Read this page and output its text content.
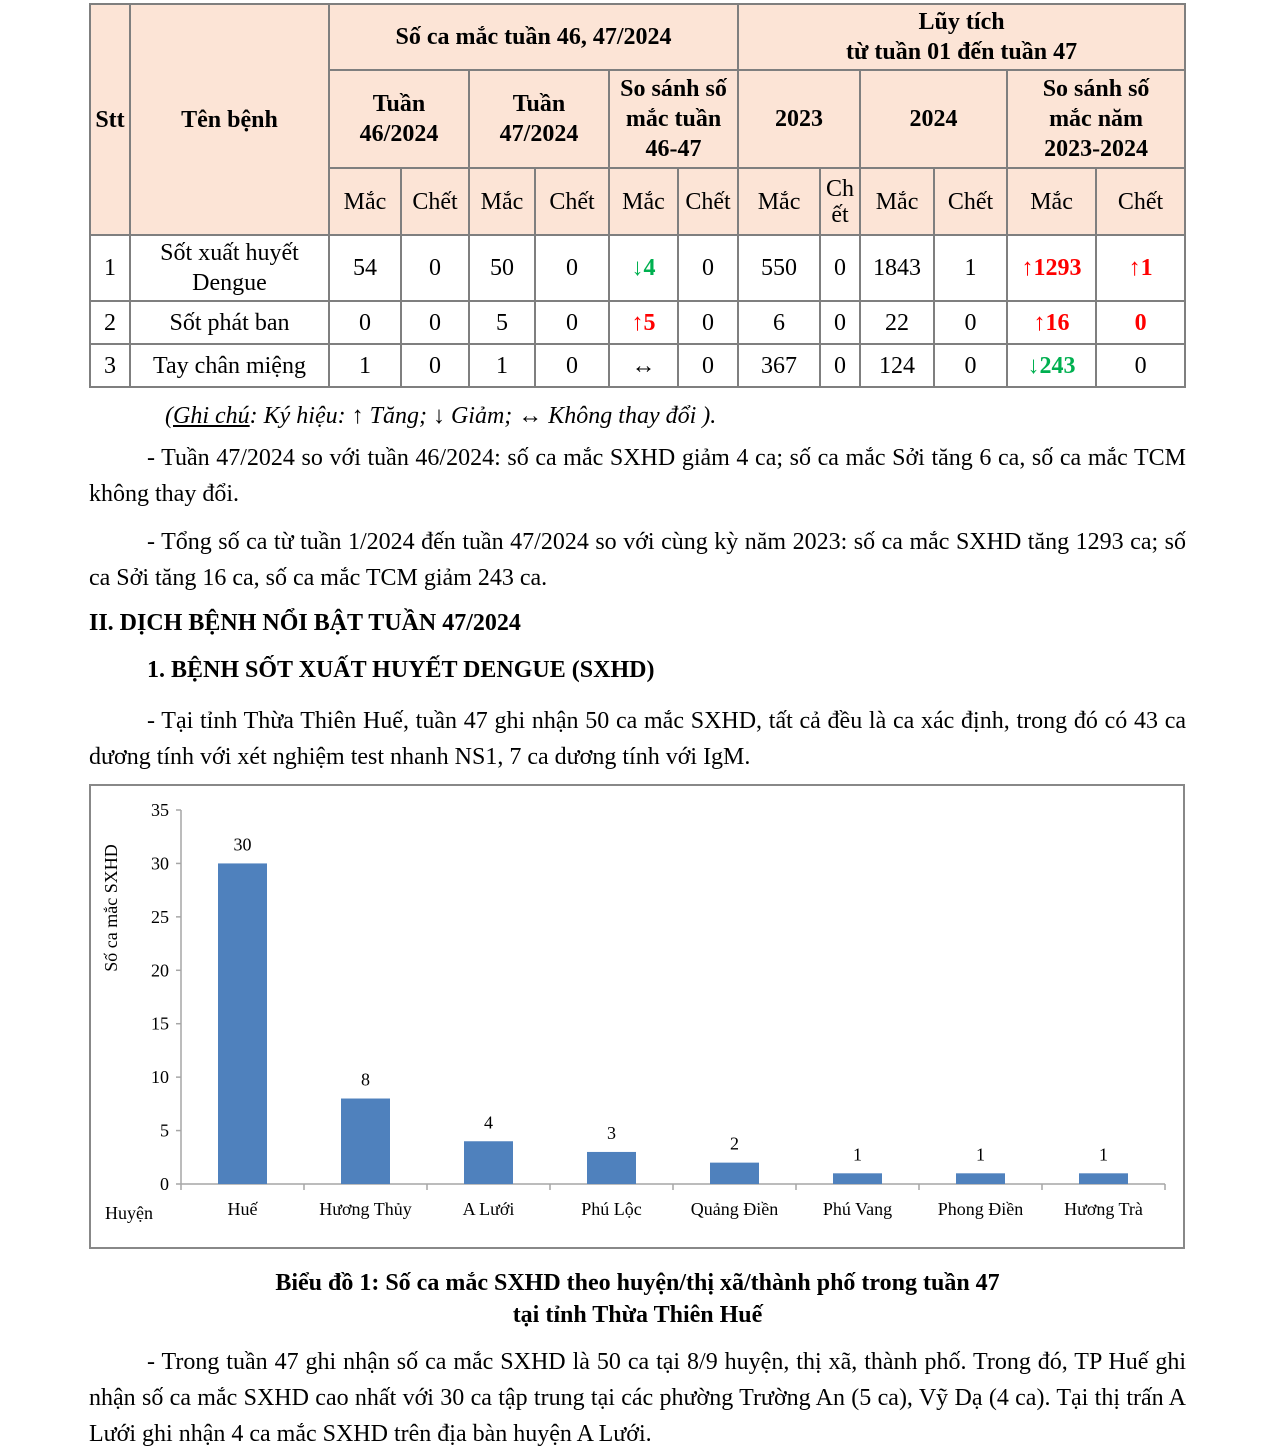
Stt	Tên bệnh	Số ca mắc tuần 46, 47/2024						Lũy tích
từ tuần 01 đến tuần 47					

		Tuần 46/2024		Tuần 47/2024		So sánh số mắc tuần 46-47		2023		2024		So sánh số mắc năm 2023-2024	
		Mắc	Chết	Mắc	Chết	Mắc	Chết	Mắc	Ch ết	Mắc	Chết	Mắc	Chết
1	Sốt xuất huyết Dengue	54	0	50	0	↓4	0	550	0	1843	1	↑1293	↑1
2	Sốt phát ban	0	0	5	0	↑5	0	6	0	22	0	↑16	0
3	Tay chân miệng	1	0	1	0	↔	0	367	0	124	0	↓243	0
(Ghi chú: Ký hiệu: ↑ Tăng; ↓ Giảm; ↔ Không thay đổi ).
- Tuần 47/2024 so với tuần 46/2024: số ca mắc SXHD giảm 4 ca; số ca mắc Sởi tăng 6 ca, số ca mắc TCM không thay đổi.
- Tổng số ca từ tuần 1/2024 đến tuần 47/2024 so với cùng kỳ năm 2023: số ca mắc SXHD tăng 1293 ca; số ca Sởi tăng 16 ca, số ca mắc TCM giảm 243 ca.
II. DỊCH BỆNH NỔI BẬT TUẦN 47/2024
1. BỆNH SỐT XUẤT HUYẾT DENGUE (SXHD)
- Tại tỉnh Thừa Thiên Huế, tuần 47 ghi nhận 50 ca mắc SXHD, tất cả đều là ca xác định, trong đó có 43 ca dương tính với xét nghiệm test nhanh NS1, 7 ca dương tính với IgM.
0
5
10
15
20
25
30
35
30
Huế
8
Hương Thủy
4
A Lưới
3
Phú Lộc
2
Quảng Điền
1
Phú Vang
1
Phong Điền
1
Hương Trà
Huyện
Số ca mắc SXHD
Biểu đồ 1: Số ca mắc SXHD theo huyện/thị xã/thành phố trong tuần 47
tại tỉnh Thừa Thiên Huế
- Trong tuần 47 ghi nhận số ca mắc SXHD là 50 ca tại 8/9 huyện, thị xã, thành phố. Trong đó, TP Huế ghi nhận số ca mắc SXHD cao nhất với 30 ca tập trung tại các phường Trường An (5 ca), Vỹ Dạ (4 ca). Tại thị trấn A Lưới ghi nhận 4 ca mắc SXHD trên địa bàn huyện A Lưới.
